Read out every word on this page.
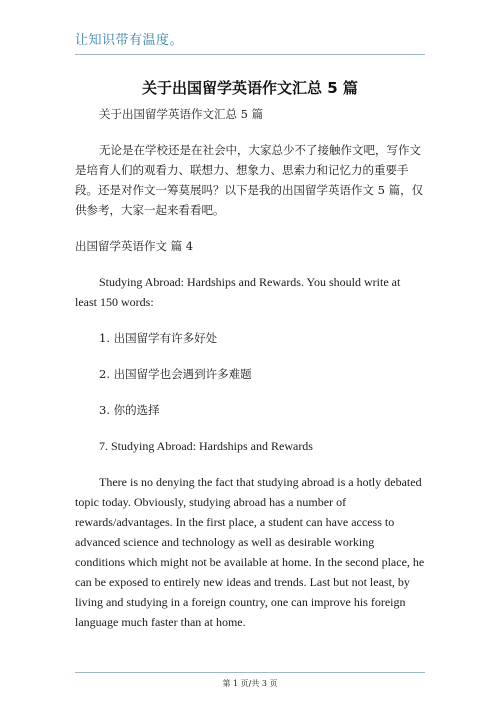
让知识带有温度。
关于出国留学英语作文汇总 5 篇

关于出国留学英语作文汇总 5 篇

无论是在学校还是在社会中，大家总少不了接触作文吧，写作文是培育人们的观看力、联想力、想象力、思索力和记忆力的重要手段。还是对作文一筹莫展吗？以下是我的出国留学英语作文 5 篇，仅供参考，大家一起来看看吧。

出国留学英语作文 篇 4

Studying Abroad: Hardships and Rewards. You should write at least 150 words:

1. 出国留学有许多好处

2. 出国留学也会遇到许多难题

3. 你的选择

7. Studying Abroad: Hardships and Rewards

There is no denying the fact that studying abroad is a hotly debated topic today. Obviously, studying abroad has a number of rewards/advantages. In the first place, a student can have access to advanced science and technology as well as desirable working conditions which might not be available at home. In the second place, he can be exposed to entirely new ideas and trends. Last but not least, by living and studying in a foreign country, one can improve his foreign language much faster than at home.

第 1 页/共 3 页
